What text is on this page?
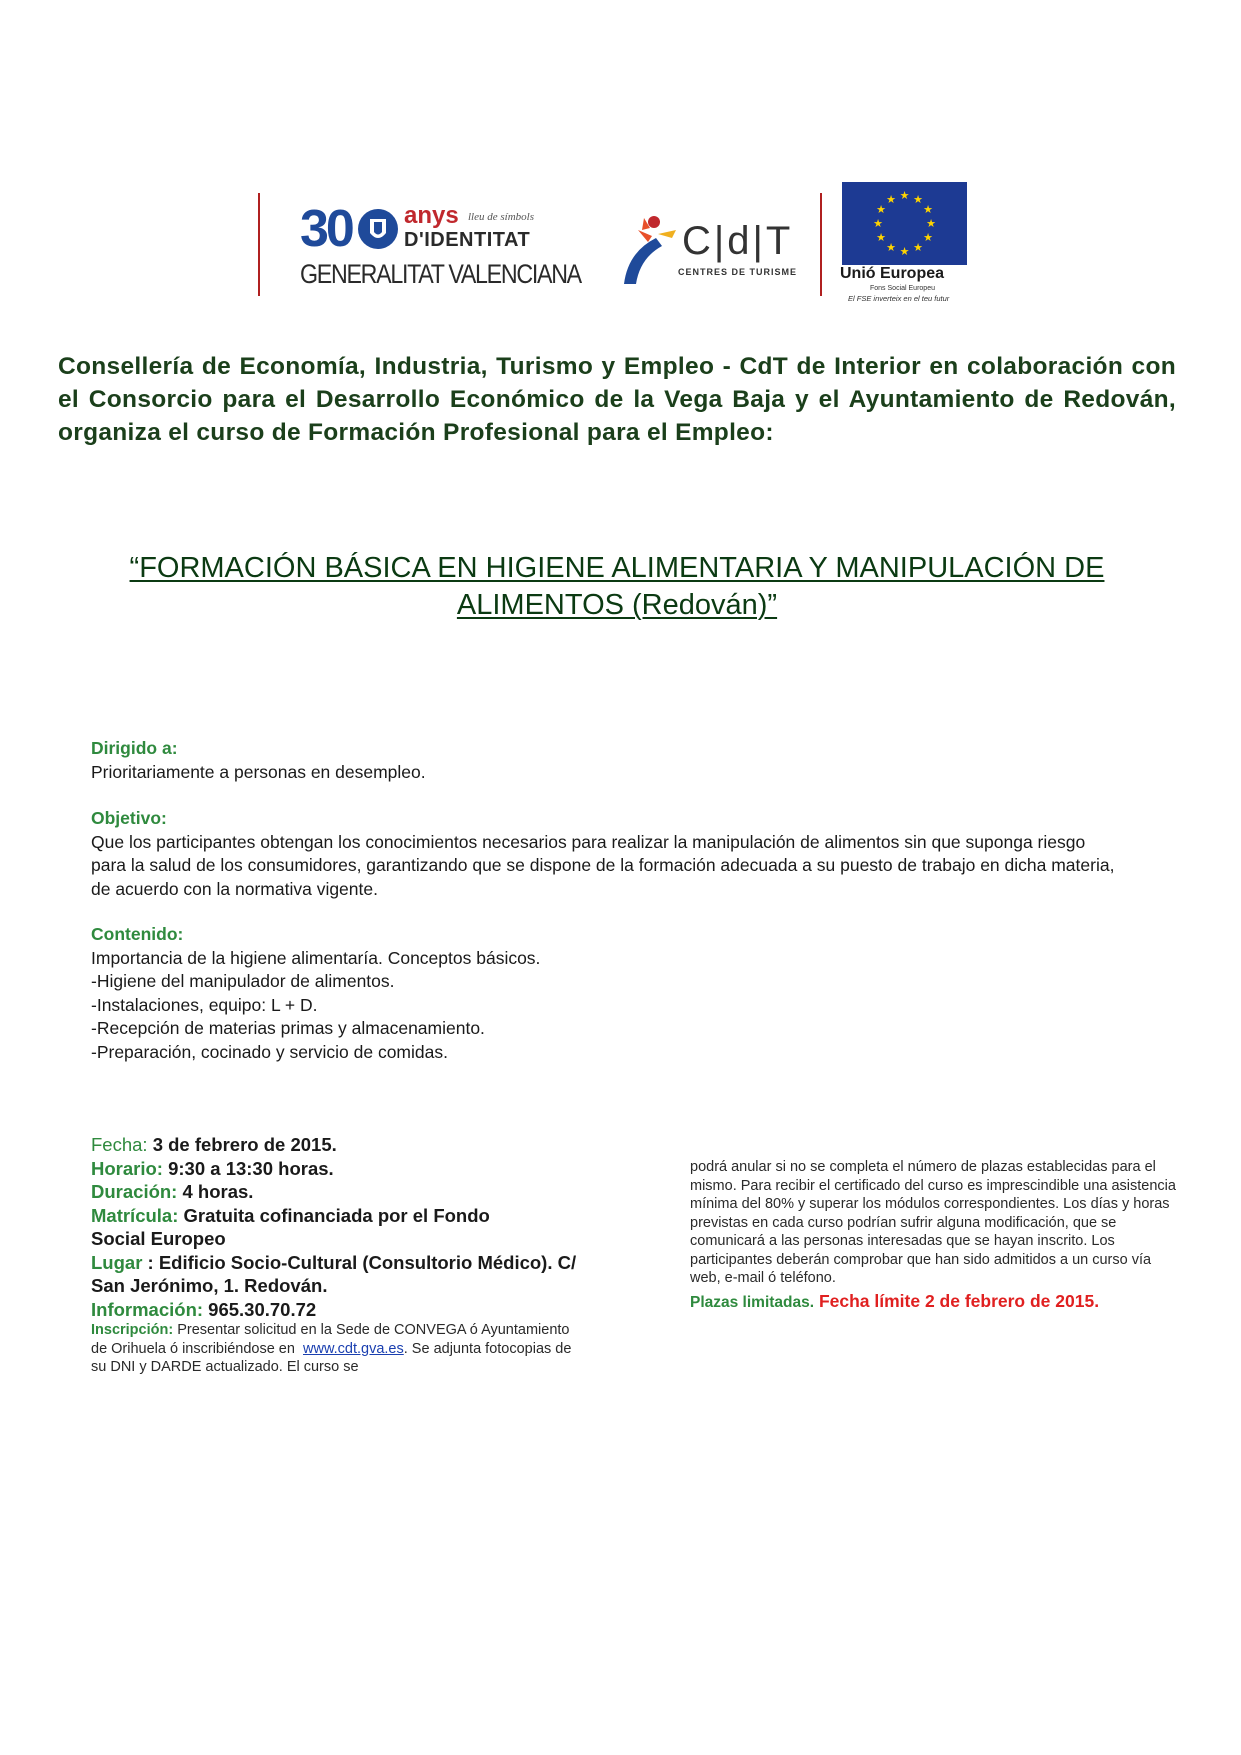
30 anys lleu de símbols
D'IDENTITAT
GENERALITAT VALENCIANA
C|d|T
CENTRES DE TURISME
★ ★
★
★
★
★
★
★
★
★
★
★
Unió Europea
Fons Social Europeu
El FSE inverteix en el teu futur
Consellería de Economía, Industria, Turismo y Empleo - CdT de Interior en colaboración con el Consorcio para el Desarrollo Económico de la Vega Baja y el Ayuntamiento de Redován, organiza el curso de Formación Profesional para el Empleo:
“FORMACIÓN BÁSICA EN HIGIENE ALIMENTARIA Y MANIPULACIÓN DE ALIMENTOS (Redován)”
Dirigido a:
Prioritariamente a personas en desempleo.
Objetivo:
Que los participantes obtengan los conocimientos necesarios para realizar la manipulación de alimentos sin que suponga riesgo para la salud de los consumidores, garantizando que se dispone de la formación adecuada a su puesto de trabajo en dicha materia, de acuerdo con la normativa vigente.
Contenido:
Importancia de la higiene alimentaría. Conceptos básicos.
-Higiene del manipulador de alimentos.
-Instalaciones, equipo: L + D.
-Recepción de materias primas y almacenamiento.
-Preparación, cocinado y servicio de comidas.
Fecha: 3 de febrero de 2015.
Horario: 9:30 a 13:30 horas.
Duración: 4 horas.
Matrícula: Gratuita cofinanciada por el Fondo Social Europeo
Lugar : Edificio Socio-Cultural (Consultorio Médico). C/ San Jerónimo, 1. Redován.
Información: 965.30.70.72
Inscripción: Presentar solicitud en la Sede de CONVEGA ó Ayuntamiento de Orihuela ó inscribiéndose en www.cdt.gva.es. Se adjunta fotocopias de su DNI y DARDE actualizado. El curso se
podrá anular si no se completa el número de plazas establecidas para el mismo. Para recibir el certificado del curso es imprescindible una asistencia mínima del 80% y superar los módulos correspondientes. Los días y horas previstas en cada curso podrían sufrir alguna modificación, que se comunicará a las personas interesadas que se hayan inscrito. Los participantes deberán comprobar que han sido admitidos a un curso vía web, e-mail ó teléfono.
Plazas limitadas. Fecha límite 2 de febrero de 2015.
